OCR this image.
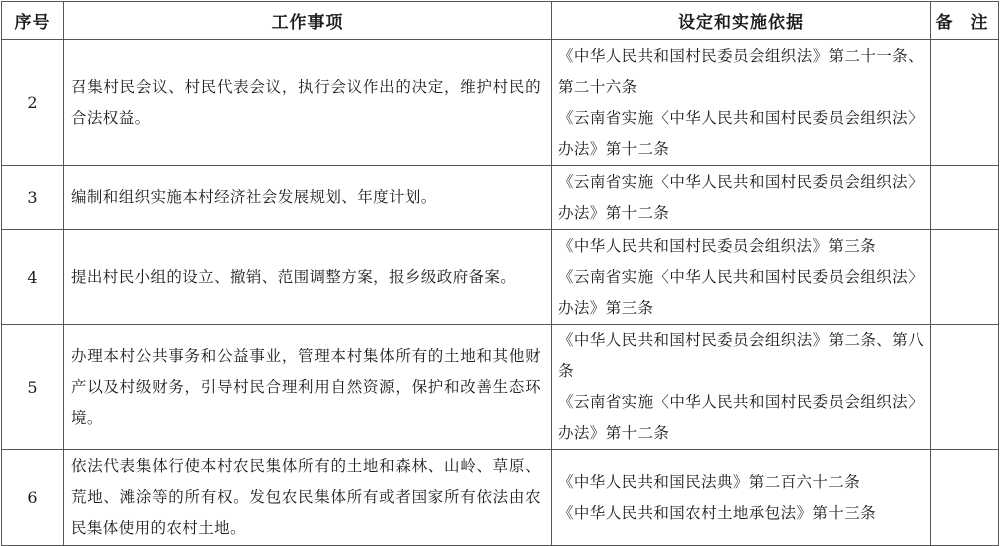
序号	工作事项	设定和实施依据	备 注
2	召集村民会议、村民代表会议，执行会议作出的决定，维护村民的合法权益。	《中华人民共和国村民委员会组织法》第二十一条、第二十六条
《云南省实施〈中华人民共和国村民委员会组织法〉办法》第十二条	

3	编制和组织实施本村经济社会发展规划、年度计划。	《云南省实施〈中华人民共和国村民委员会组织法〉办法》第十二条	

4	提出村民小组的设立、撤销、范围调整方案，报乡级政府备案。	《中华人民共和国村民委员会组织法》第三条
《云南省实施〈中华人民共和国村民委员会组织法〉办法》第三条	

5	办理本村公共事务和公益事业，管理本村集体所有的土地和其他财产以及村级财务，引导村民合理利用自然资源，保护和改善生态环境。	《中华人民共和国村民委员会组织法》第二条、第八条
《云南省实施〈中华人民共和国村民委员会组织法〉办法》第十二条	

6	依法代表集体行使本村农民集体所有的土地和森林、山岭、草原、荒地、滩涂等的所有权。发包农民集体所有或者国家所有依法由农民集体使用的农村土地。	《中华人民共和国民法典》第二百六十二条
《中华人民共和国农村土地承包法》第十三条	
